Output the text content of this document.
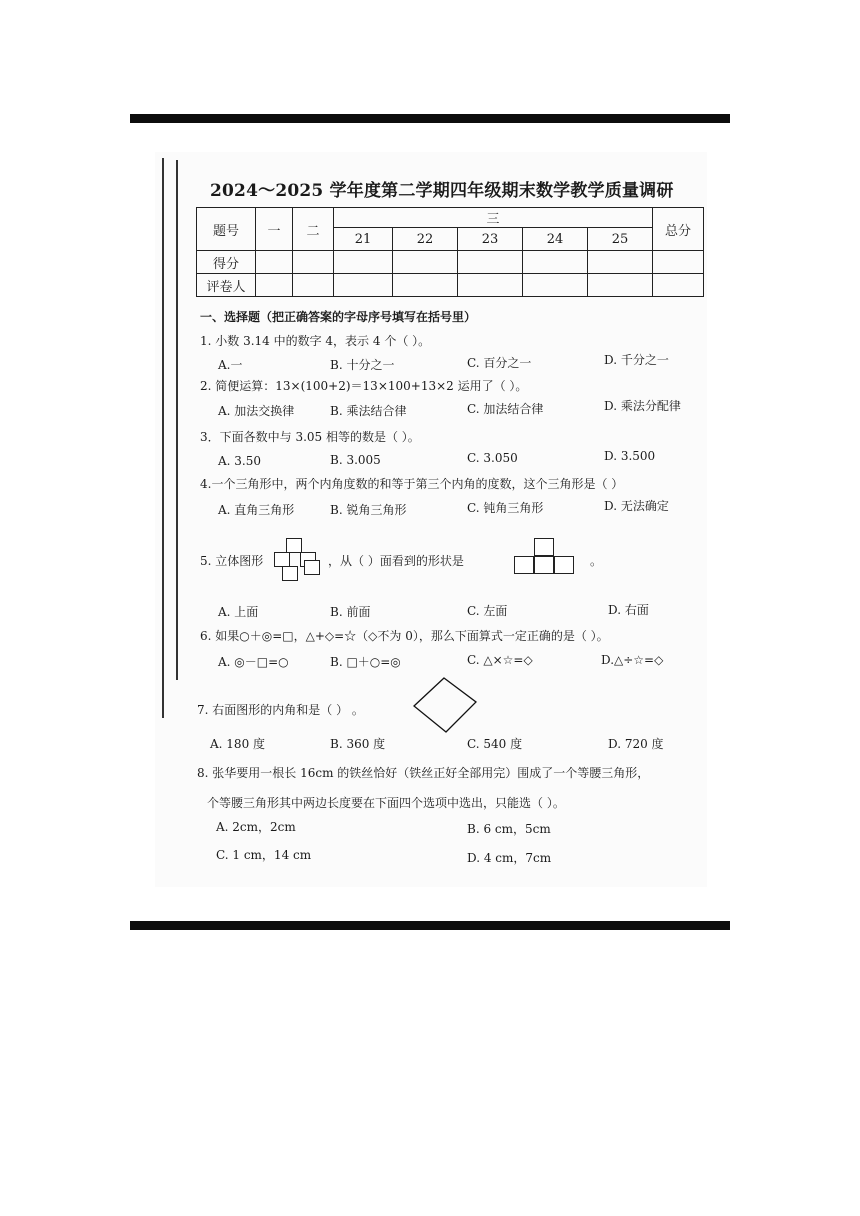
2024～2025 学年度第二学期四年级期末数学教学质量调研
题号	一	二	三					总分
			21	22	23	24	25	
得分								
评卷人								
一、选择题（把正确答案的字母序号填写在括号里）
1. 小数 3.14 中的数字 4，表示 4 个（ ）。
A.一	B. 十分之一	C. 百分之一	D. 千分之一
2. 简便运算：13×(100+2)＝13×100+13×2 运用了（ ）。
A. 加法交换律	B. 乘法结合律	C. 加法结合律	D. 乘法分配律
3．下面各数中与 3.05 相等的数是（ ）。
A. 3.50	B. 3.005	C. 3.050	D. 3.500
4.一个三角形中，两个内角度数的和等于第三个内角的度数，这个三角形是（ ）
A. 直角三角形	B. 锐角三角形	C. 钝角三角形	D. 无法确定
5. 立体图形	，从（ ）面看到的形状是	。
A. 上面	B. 前面	C. 左面	D. 右面
6. 如果○＋◎=□，△+◇=☆（◇不为 0），那么下面算式一定正确的是（ ）。
A. ◎－□=○	B. □＋○=◎	C. △×☆=◇	D.△÷☆=◇
7. 右面图形的内角和是（ ） 。
A. 180 度	B. 360 度	C. 540 度	D. 720 度
8. 张华要用一根长 16cm 的铁丝恰好（铁丝正好全部用完）围成了一个等腰三角形，
个等腰三角形其中两边长度要在下面四个选项中选出，只能选（ ）。
A. 2cm，2cm	B. 6 cm，5cm
C. 1 cm，14 cm	D. 4 cm，7cm
